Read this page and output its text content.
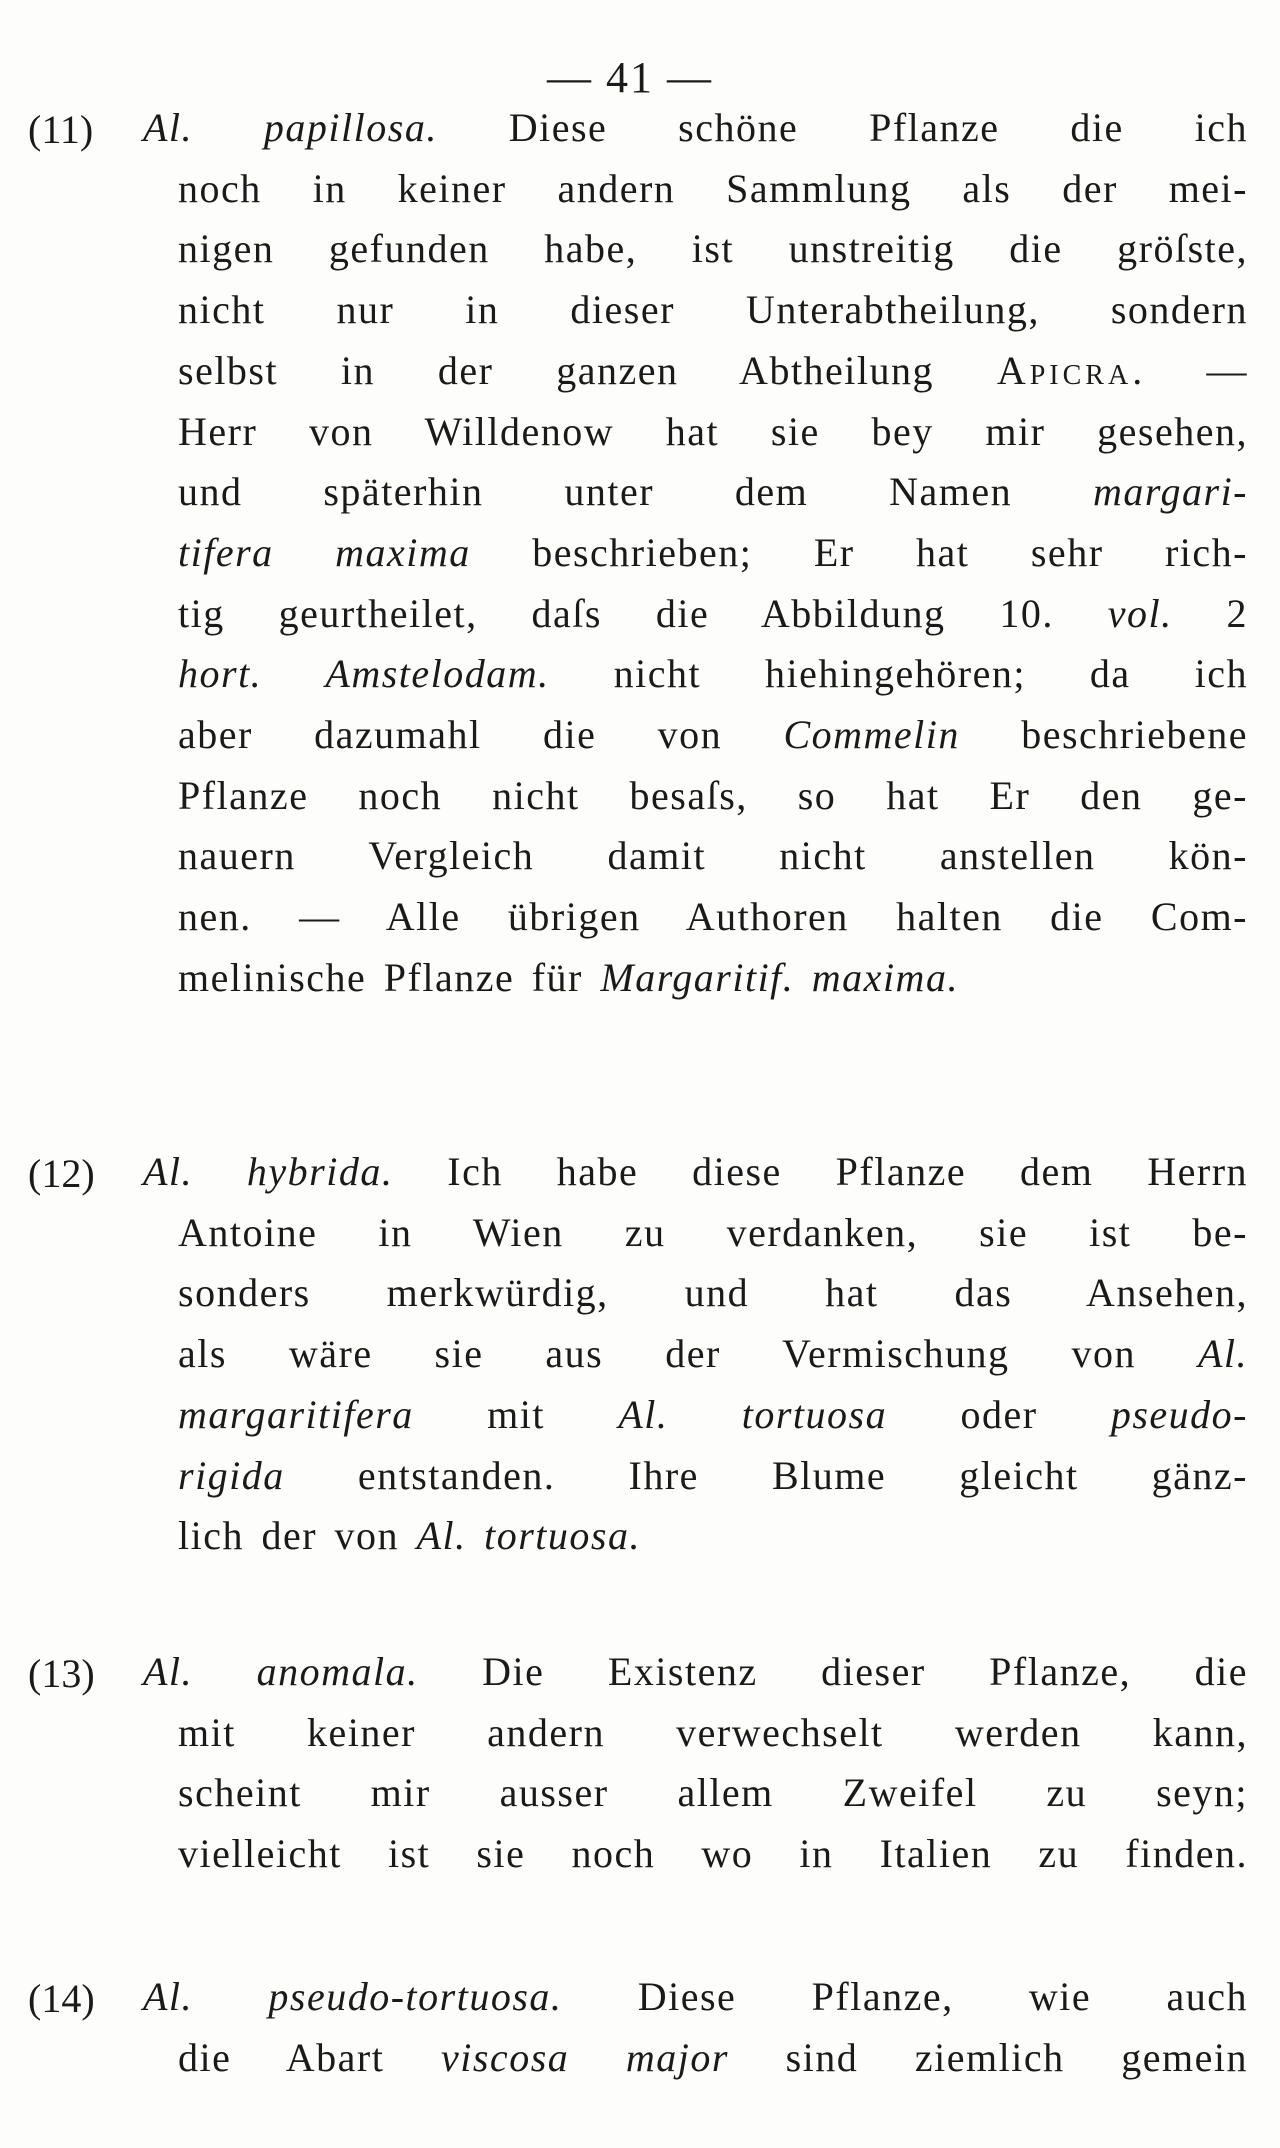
— 41 —
(11) Al. papillosa. Diese schöne Pflanze die ich
noch in keiner andern Sammlung als der mei-
nigen gefunden habe, ist unstreitig die gröſste,
nicht nur in dieser Unterabtheilung, sondern
selbst in der ganzen Abtheilung Apicra. —
Herr von Willdenow hat sie bey mir gesehen,
und späterhin unter dem Namen margari-
tifera maxima beschrieben; Er hat sehr rich-
tig geurtheilet, daſs die Abbildung 10. vol. 2
hort. Amstelodam. nicht hiehingehören; da ich
aber dazumahl die von Commelin beschriebene
Pflanze noch nicht besaſs, so hat Er den ge-
nauern Vergleich damit nicht anstellen kön-
nen. — Alle übrigen Authoren halten die Com-
melinische Pflanze für Margaritif. maxima.
(12) Al. hybrida. Ich habe diese Pflanze dem Herrn
Antoine in Wien zu verdanken, sie ist be-
sonders merkwürdig, und hat das Ansehen,
als wäre sie aus der Vermischung von Al.
margaritifera mit Al. tortuosa oder pseudo-
rigida entstanden. Ihre Blume gleicht gänz-
lich der von Al. tortuosa.
(13) Al. anomala. Die Existenz dieser Pflanze, die
mit keiner andern verwechselt werden kann,
scheint mir ausser allem Zweifel zu seyn;
vielleicht ist sie noch wo in Italien zu finden.
(14) Al. pseudo-tortuosa. Diese Pflanze, wie auch
die Abart viscosa major sind ziemlich gemein
